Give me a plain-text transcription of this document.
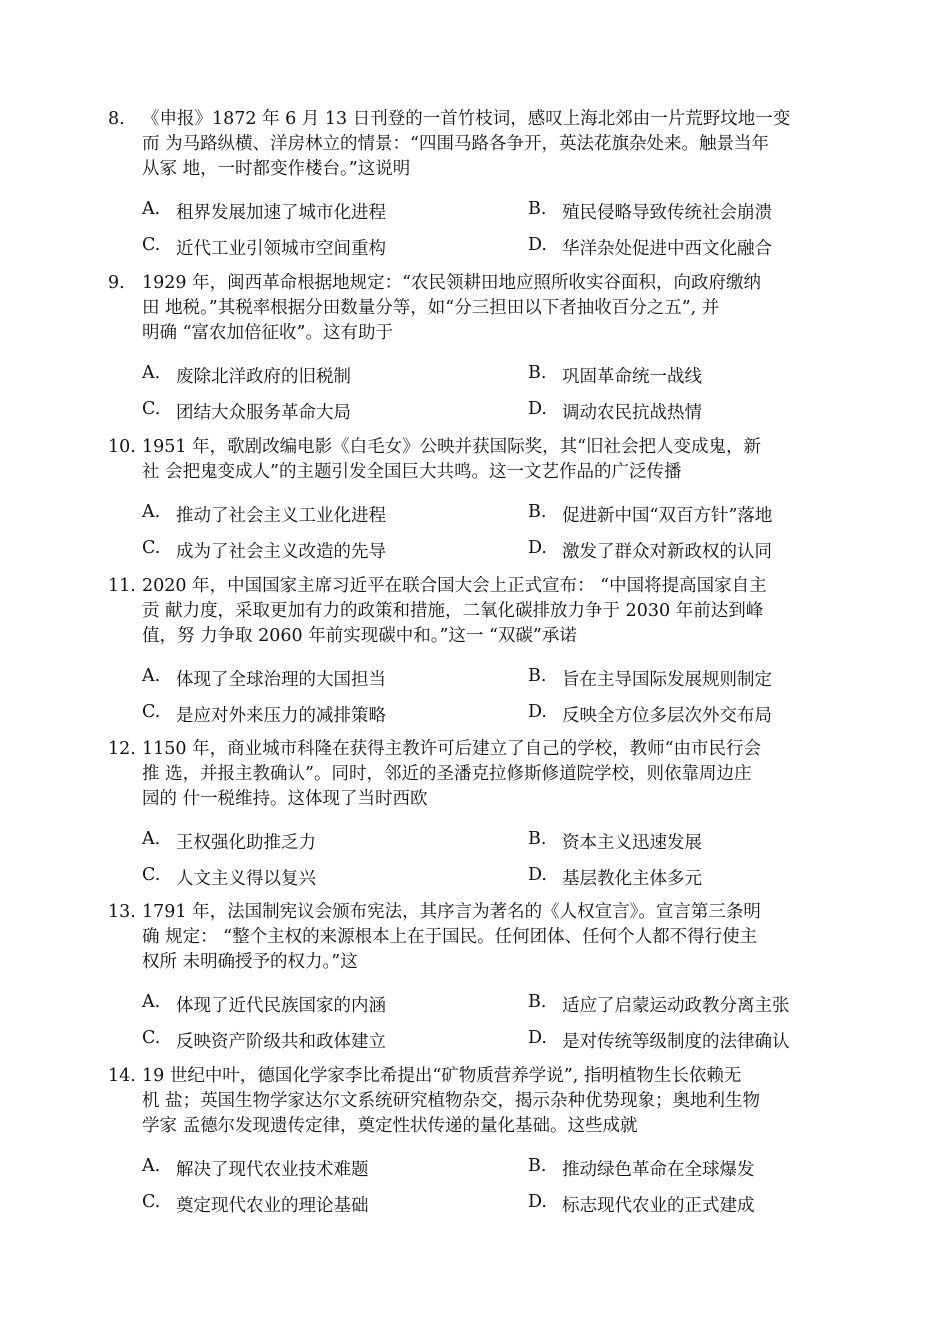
8. 《申报》1872 年 6 月 13 日刊登的一首竹枝词，感叹上海北郊由一片荒野坟地一变
而 为马路纵横、洋房林立的情景：“四围马路各争开，英法花旗杂处来。触景当年
从冢 地，一时都变作楼台。”这说明
A. 租界发展加速了城市化进程	B. 殖民侵略导致传统社会崩溃
C. 近代工业引领城市空间重构	D. 华洋杂处促进中西文化融合
9. 1929 年，闽西革命根据地规定：“农民领耕田地应照所收实谷面积，向政府缴纳
田 地税。”其税率根据分田数量分等，如“分三担田以下者抽收百分之五”, 并
明确 “富农加倍征收”。这有助于
A. 废除北洋政府的旧税制	B. 巩固革命统一战线
C. 团结大众服务革命大局	D. 调动农民抗战热情
10. 1951 年，歌剧改编电影《白毛女》公映并获国际奖，其“旧社会把人变成鬼，新
社 会把鬼变成人”的主题引发全国巨大共鸣。这一文艺作品的广泛传播
A. 推动了社会主义工业化进程	B. 促进新中国“双百方针”落地
C. 成为了社会主义改造的先导	D. 激发了群众对新政权的认同
11. 2020 年，中国国家主席习近平在联合国大会上正式宣布： “中国将提高国家自主
贡 献力度，采取更加有力的政策和措施，二氧化碳排放力争于 2030 年前达到峰
值，努 力争取 2060 年前实现碳中和。”这一 “双碳”承诺
A. 体现了全球治理的大国担当	B. 旨在主导国际发展规则制定
C. 是应对外来压力的减排策略	D. 反映全方位多层次外交布局
12. 1150 年，商业城市科隆在获得主教许可后建立了自己的学校，教师“由市民行会
推 选，并报主教确认”。同时，邻近的圣潘克拉修斯修道院学校，则依靠周边庄
园的 什一税维持。这体现了当时西欧
A. 王权强化助推乏力	B. 资本主义迅速发展
C. 人文主义得以复兴	D. 基层教化主体多元
13. 1791 年，法国制宪议会颁布宪法，其序言为著名的《人权宣言》。宣言第三条明
确 规定： “整个主权的来源根本上在于国民。任何团体、任何个人都不得行使主
权所 未明确授予的权力。”这
A. 体现了近代民族国家的内涵	B. 适应了启蒙运动政教分离主张
C. 反映资产阶级共和政体建立	D. 是对传统等级制度的法律确认
14. 19 世纪中叶，德国化学家李比希提出“矿物质营养学说”, 指明植物生长依赖无
机 盐；英国生物学家达尔文系统研究植物杂交，揭示杂种优势现象；奥地利生物
学家 孟德尔发现遗传定律，奠定性状传递的量化基础。这些成就
A. 解决了现代农业技术难题	B. 推动绿色革命在全球爆发
C. 奠定现代农业的理论基础	D. 标志现代农业的正式建成
